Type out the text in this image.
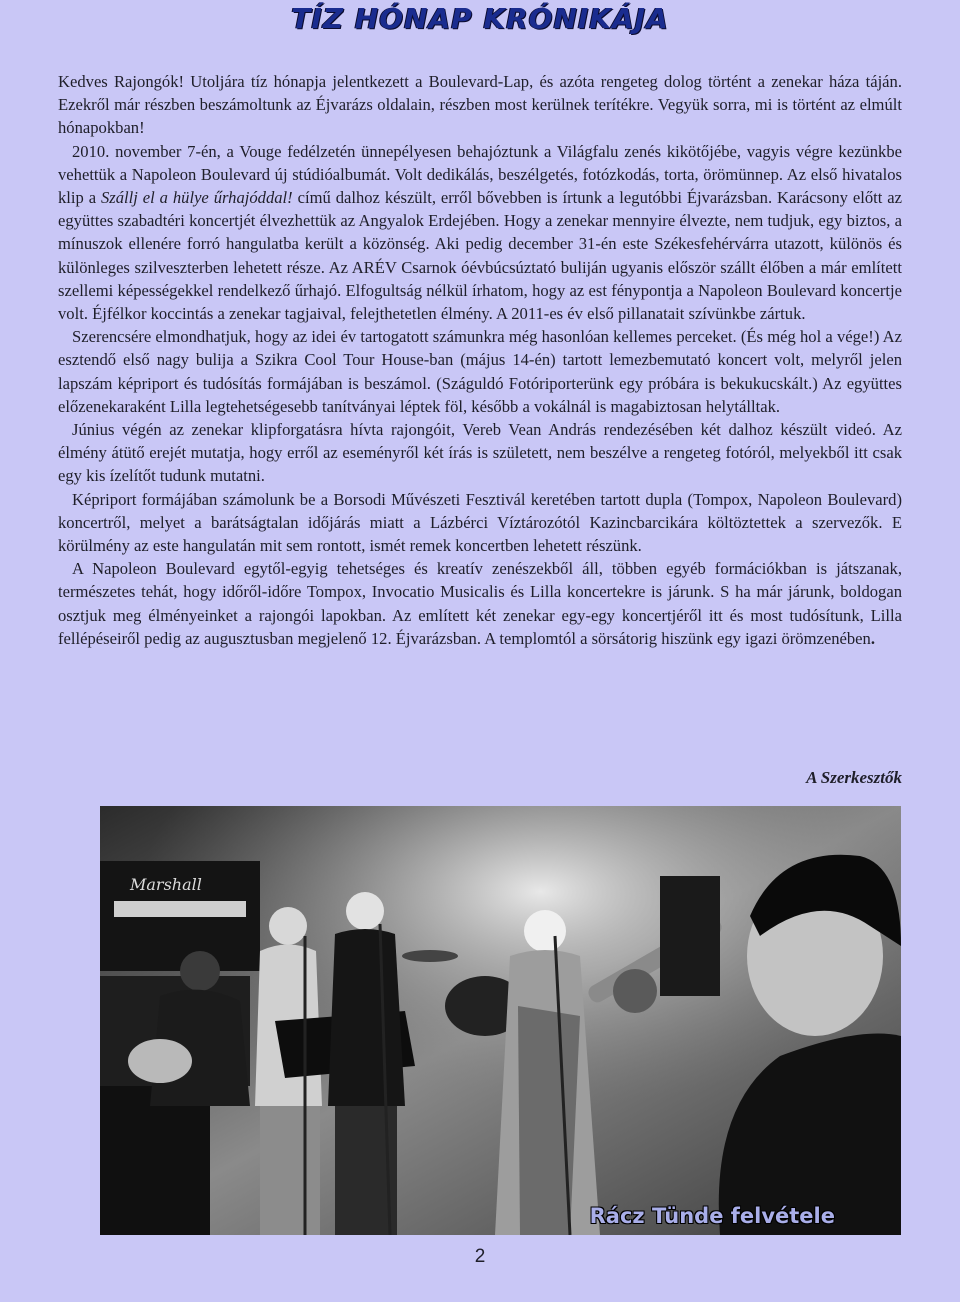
TÍZ HÓNAP KRÓNIKÁJA

Kedves Rajongók! Utoljára tíz hónapja jelentkezett a Boulevard-Lap, és azóta rengeteg dolog történt a zenekar háza táján. Ezekről már részben beszámoltunk az Éjvarázs oldalain, részben most kerülnek terítékre. Vegyük sorra, mi is történt az elmúlt hónapokban!

2010. november 7-én, a Vouge fedélzetén ünnepélyesen behajóztunk a Világfalu zenés kikötőjébe, vagyis végre kezünkbe vehettük a Napoleon Boulevard új stúdióalbumát. Volt dedikálás, beszélgetés, fotózkodás, torta, örömünnep. Az első hivatalos klip a Szállj el a hülye űrhajóddal! című dalhoz készült, erről bővebben is írtunk a legutóbbi Éjvarázsban. Karácsony előtt az együttes szabadtéri koncertjét élvezhettük az Angyalok Erdejében. Hogy a zenekar mennyire élvezte, nem tudjuk, egy biztos, a mínuszok ellenére forró hangulatba került a közönség. Aki pedig december 31-én este Székesfehérvárra utazott, különös és különleges szilveszterben lehetett része. Az ARÉV Csarnok óévbúcsúztató buliján ugyanis először szállt élőben a már említett szellemi képességekkel rendelkező űrhajó. Elfogultság nélkül írhatom, hogy az est fénypontja a Napoleon Boulevard koncertje volt. Éjfélkor koccintás a zenekar tagjaival, felejthetetlen élmény. A 2011-es év első pillanatait szívünkbe zártuk.

Szerencsére elmondhatjuk, hogy az idei év tartogatott számunkra még hasonlóan kellemes perceket. (És még hol a vége!) Az esztendő első nagy bulija a Szikra Cool Tour House-ban (május 14-én) tartott lemezbemutató koncert volt, melyről jelen lapszám képriport és tudósítás formájában is beszámol. (Száguldó Fotóriporterünk egy próbára is bekukucskált.) Az együttes előzenekaraként Lilla legtehetségesebb tanítványai léptek föl, később a vokálnál is magabiztosan helytálltak.

Június végén az zenekar klipforgatásra hívta rajongóit, Vereb Vean András rendezésében két dalhoz készült videó. Az élmény átütő erejét mutatja, hogy erről az eseményről két írás is született, nem beszélve a rengeteg fotóról, melyekből itt csak egy kis ízelítőt tudunk mutatni.

Képriport formájában számolunk be a Borsodi Művészeti Fesztivál keretében tartott dupla (Tompox, Napoleon Boulevard) koncertről, melyet a barátságtalan időjárás miatt a Lázbérci Víztározótól Kazincbarcikára költöztettek a szervezők. E körülmény az este hangulatán mit sem rontott, ismét remek koncertben lehetett részünk.

A Napoleon Boulevard egytől-egyig tehetséges és kreatív zenészekből áll, többen egyéb formációkban is játszanak, természetes tehát, hogy időről-időre Tompox, Invocatio Musicalis és Lilla koncertekre is járunk. S ha már járunk, boldogan osztjuk meg élményeinket a rajongói lapokban. Az említett két zenekar egy-egy koncertjéről itt és most tudósítunk, Lilla fellépéseiről pedig az augusztusban megjelenő 12. Éjvarázsban. A templomtól a sörsátorig hiszünk egy igazi örömzenében.

A Szerkesztők
Marshall
Rácz Tünde felvétele
2
